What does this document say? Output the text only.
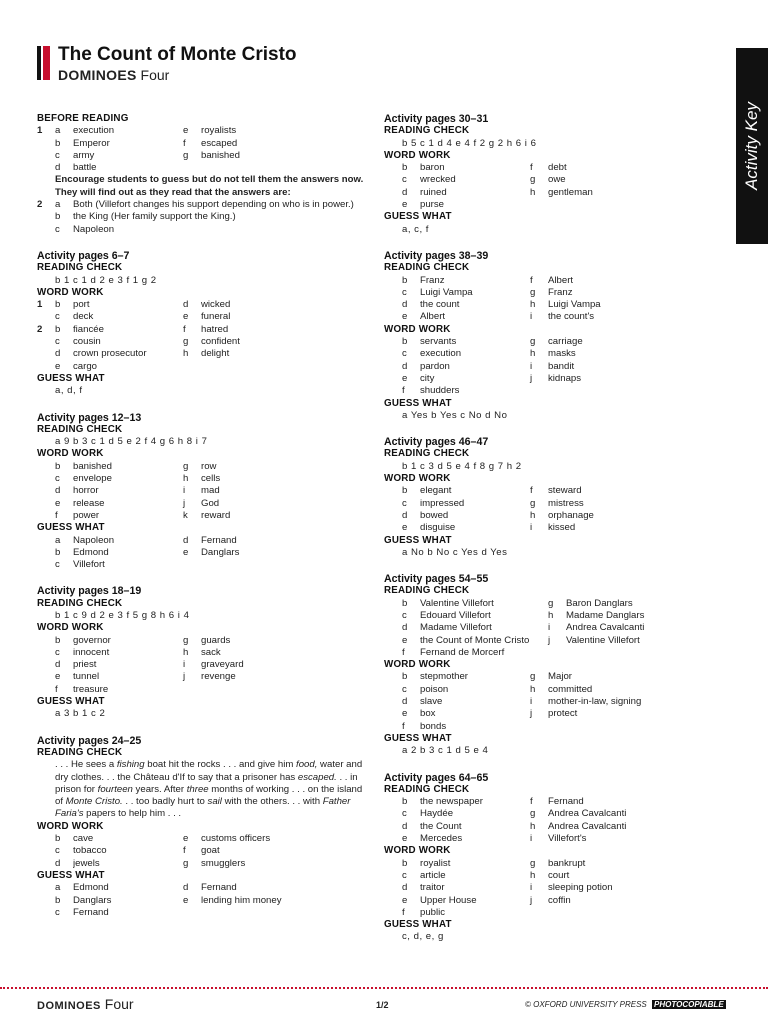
The Count of Monte Cristo
DOMINOES Four
Activity Key
BEFORE READING
1	a	execution	e	royalists
b	Emperor	f	escaped
c	army	g	banished
d	battle
Encourage students to guess but do not tell them the answers now. They will find out as they read that the answers are:
2	a	Both (Villefort changes his support depending on who is in power.)
b	the King (Her family support the King.)
c	Napoleon
Activity pages 6–7
READING CHECK
b 1 c 1 d 2 e 3 f 1 g 2
WORD WORK
1	b	port	d	wicked
c	deck	e	funeral
2	b	fiancée	f	hatred
c	cousin	g	confident
d	crown prosecutor	h	delight
e	cargo
GUESS WHAT
a, d, f
Activity pages 12–13
READING CHECK
a 9 b 3 c 1 d 5 e 2 f 4 g 6 h 8 i 7
WORD WORK
b	banished	g	row
c	envelope	h	cells
d	horror	i	mad
e	release	j	God
f	power	k	reward
GUESS WHAT
a	Napoleon	d	Fernand
b	Edmond	e	Danglars
c	Villefort
Activity pages 18–19
READING CHECK
b 1 c 9 d 2 e 3 f 5 g 8 h 6 i 4
WORD WORK
b	governor	g	guards
c	innocent	h	sack
d	priest	i	graveyard
e	tunnel	j	revenge
f	treasure
GUESS WHAT
a 3 b 1 c 2
Activity pages 24–25
READING CHECK
. . . He sees a fishing boat hit the rocks . . . and give him food, water and dry clothes. . . the Château d'If to say that a prisoner has escaped. . . in prison for fourteen years. After three months of working . . . on the island of Monte Cristo. . . too badly hurt to sail with the others. . . with Father Faria's papers to help him . . .
WORD WORK
b	cave	e	customs officers
c	tobacco	f	goat
d	jewels	g	smugglers
GUESS WHAT
a	Edmond	d	Fernand
b	Danglars	e	lending him money
c	Fernand
Activity pages 30–31
READING CHECK
b 5 c 1 d 4 e 4 f 2 g 2 h 6 i 6
WORD WORK
b	baron	f	debt
c	wrecked	g	owe
d	ruined	h	gentleman
e	purse
GUESS WHAT
a, c, f
Activity pages 38–39
READING CHECK
b	Franz	f	Albert
c	Luigi Vampa	g	Franz
d	the count	h	Luigi Vampa
e	Albert	i	the count's
WORD WORK
b	servants	g	carriage
c	execution	h	masks
d	pardon	i	bandit
e	city	j	kidnaps
f	shudders
GUESS WHAT
a Yes b Yes c No d No
Activity pages 46–47
READING CHECK
b 1 c 3 d 5 e 4 f 8 g 7 h 2
WORD WORK
b	elegant	f	steward
c	impressed	g	mistress
d	bowed	h	orphanage
e	disguise	i	kissed
GUESS WHAT
a No b No c Yes d Yes
Activity pages 54–55
READING CHECK
b	Valentine Villefort	g	Baron Danglars
c	Edouard Villefort	h	Madame Danglars
d	Madame Villefort	i	Andrea Cavalcanti
e	the Count of Monte Cristo	j	Valentine Villefort
f	Fernand de Morcerf
WORD WORK
b	stepmother	g	Major
c	poison	h	committed
d	slave	i	mother-in-law, signing
e	box	j	protect
f	bonds
GUESS WHAT
a 2 b 3 c 1 d 5 e 4
Activity pages 64–65
READING CHECK
b	the newspaper	f	Fernand
c	Haydée	g	Andrea Cavalcanti
d	the Count	h	Andrea Cavalcanti
e	Mercedes	i	Villefort's
WORD WORK
b	royalist	g	bankrupt
c	article	h	court
d	traitor	i	sleeping potion
e	Upper House	j	coffin
f	public
GUESS WHAT
c, d, e, g
DOMINOES Four	1/2	© OXFORD UNIVERSITY PRESS PHOTOCOPIABLE
